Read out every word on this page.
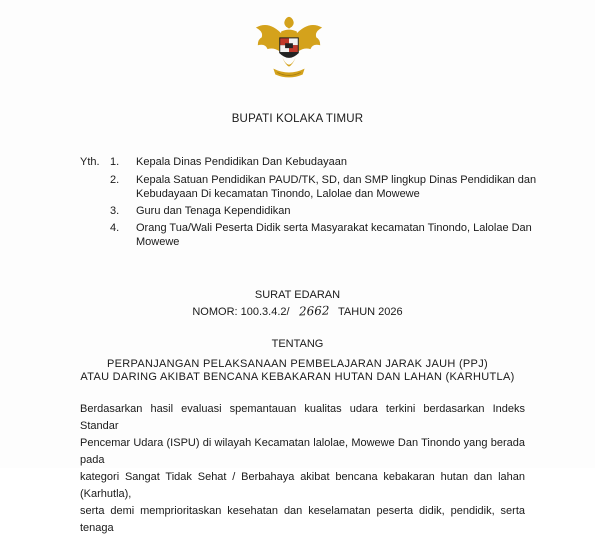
BUPATI KOLAKA TIMUR
Yth. 1. Kepala Dinas Pendidikan Dan Kebudayaan
2. Kepala Satuan Pendidikan PAUD/TK, SD, dan SMP lingkup Dinas Pendidikan dan Kebudayaan Di kecamatan Tinondo, Lalolae dan Mowewe
3. Guru dan Tenaga Kependidikan
4. Orang Tua/Wali Peserta Didik serta Masyarakat kecamatan Tinondo, Lalolae Dan Mowewe
SURAT EDARAN
NOMOR: 100.3.4.2/ 2662 TAHUN 2026
TENTANG
PERPANJANGAN PELAKSANAAN PEMBELAJARAN JARAK JAUH (PPJ)
ATAU DARING AKIBAT BENCANA KEBAKARAN HUTAN DAN LAHAN (KARHUTLA)

Berdasarkan hasil evaluasi spemantauan kualitas udara terkini berdasarkan Indeks Standar

Pencemar Udara (ISPU) di wilayah Kecamatan lalolae, Mowewe Dan Tinondo yang berada pada

kategori Sangat Tidak Sehat / Berbahaya akibat bencana kebakaran hutan dan lahan (Karhutla),

serta demi memprioritaskan kesehatan dan keselamatan peserta didik, pendidik, serta tenaga
